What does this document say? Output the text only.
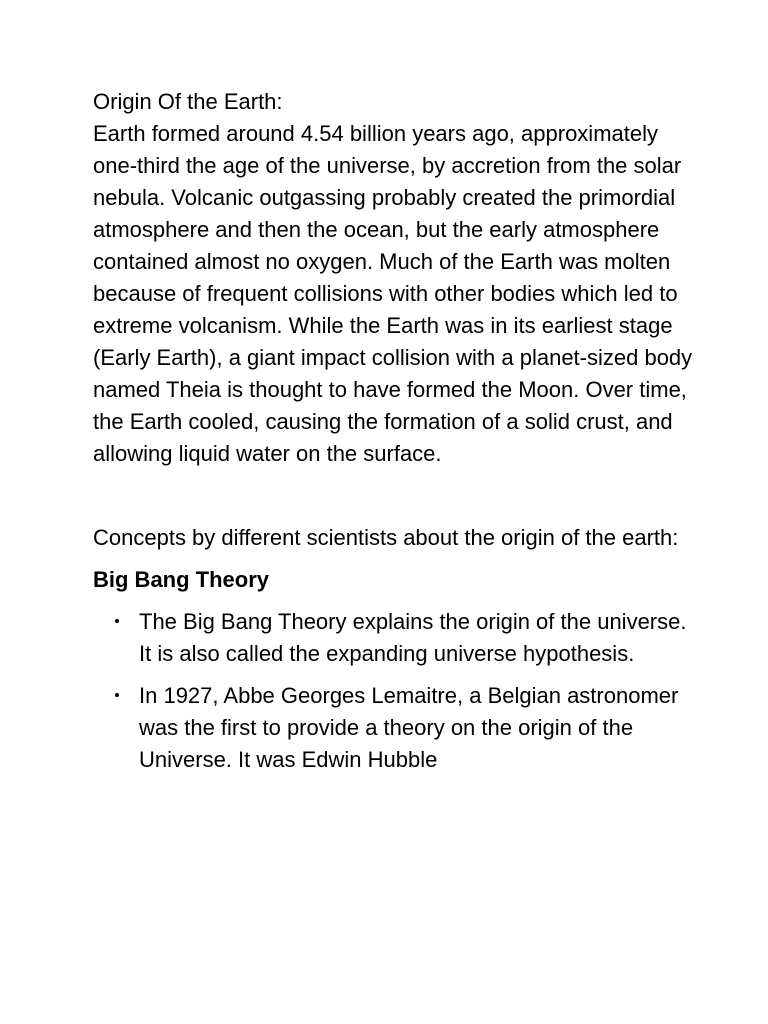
Origin Of the Earth:

Earth formed around 4.54 billion years ago, approximately one-third the age of the universe, by accretion from the solar nebula. Volcanic outgassing probably created the primordial atmosphere and then the ocean, but the early atmosphere contained almost no oxygen. Much of the Earth was molten because of frequent collisions with other bodies which led to extreme volcanism. While the Earth was in its earliest stage (Early Earth), a giant impact collision with a planet-sized body named Theia is thought to have formed the Moon. Over time, the Earth cooled, causing the formation of a solid crust, and allowing liquid water on the surface.

Concepts by different scientists about the origin of the earth:

Big Bang Theory

The Big Bang Theory explains the origin of the universe. It is also called the expanding universe hypothesis.
In 1927, Abbe Georges Lemaitre, a Belgian astronomer was the first to provide a theory on the origin of the Universe. It was Edwin Hubble
